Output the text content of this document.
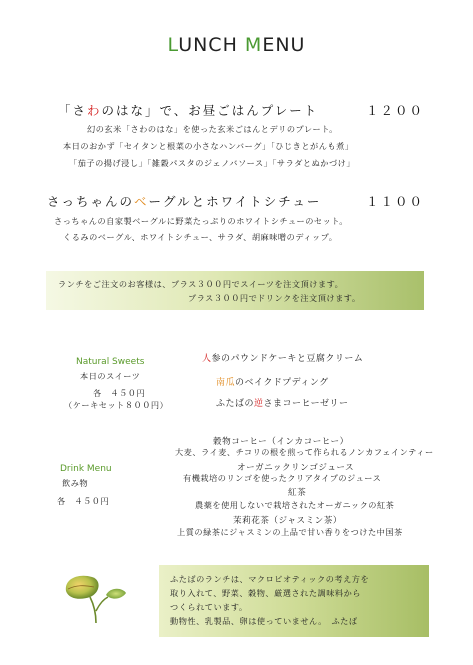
LUNCH MENU
「さわのはな」で、お昼ごはんプレート　	１２００
幻の玄米「さわのはな」を使った玄米ごはんとデリのプレート。
本日のおかず「セイタンと根菜の小さなハンバーグ」「ひじきとがんも煮」
「茄子の揚げ浸し」「雑穀パスタのジェノバソース」「サラダとぬかづけ」
さっちゃんのベーグルとホワイトシチュー　 １１００
さっちゃんの自家製ベーグルに野菜たっぷりのホワイトシチューのセット。
くるみのベーグル、ホワイトシチュー、サラダ、胡麻味噌のディップ。
ランチをご注文のお客様は、プラス３００円でスイーツを注文頂けます。
プラス３００円でドリンクを注文頂けます。
Natural Sweets
本日のスイーツ
各　４５０円
（ケーキセット８００円）
人参のパウンドケーキと豆腐クリーム
南瓜のベイクドプディング
ふたばの逆さまコーヒーゼリー
Drink Menu
飲み物
各　４５０円
穀物コーヒー（インカコーヒー）
大麦、ライ麦、チコリの根を煎って作られるノンカフェインティー
オーガニックリンゴジュース
有機栽培のリンゴを使ったクリアタイプのジュース
紅茶
農薬を使用しないで栽培されたオーガニックの紅茶
茉莉花茶（ジャスミン茶）
上質の緑茶にジャスミンの上品で甘い香りをつけた中国茶
ふたばのランチは、マクロビオティックの考え方を
取り入れて、野菜、穀物、厳選された調味料から
つくられています。
動物性、乳製品、卵は使っていません。　ふたば
